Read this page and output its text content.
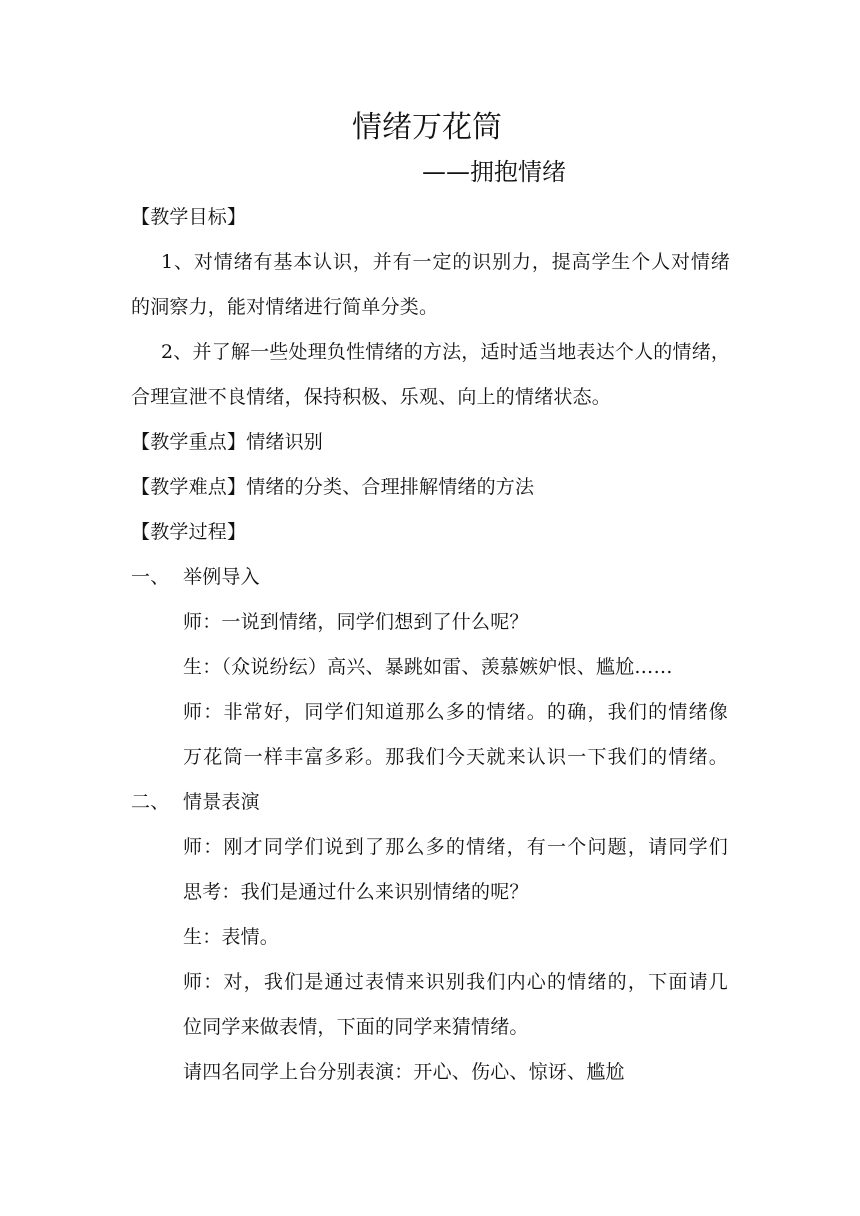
情绪万花筒
——拥抱情绪
【教学目标】
1、对情绪有基本认识，并有一定的识别力，提高学生个人对情绪
的洞察力，能对情绪进行简单分类。
2、并了解一些处理负性情绪的方法，适时适当地表达个人的情绪，
合理宣泄不良情绪，保持积极、乐观、向上的情绪状态。
【教学重点】情绪识别
【教学难点】情绪的分类、合理排解情绪的方法
【教学过程】
一、 举例导入
师：一说到情绪，同学们想到了什么呢？
生：（众说纷纭）高兴、暴跳如雷、羡慕嫉妒恨、尴尬……
师：非常好，同学们知道那么多的情绪。的确，我们的情绪像
万花筒一样丰富多彩。那我们今天就来认识一下我们的情绪。
二、 情景表演
师：刚才同学们说到了那么多的情绪，有一个问题，请同学们
思考：我们是通过什么来识别情绪的呢？
生：表情。
师：对，我们是通过表情来识别我们内心的情绪的，下面请几
位同学来做表情，下面的同学来猜情绪。
请四名同学上台分别表演：开心、伤心、惊讶、尴尬
